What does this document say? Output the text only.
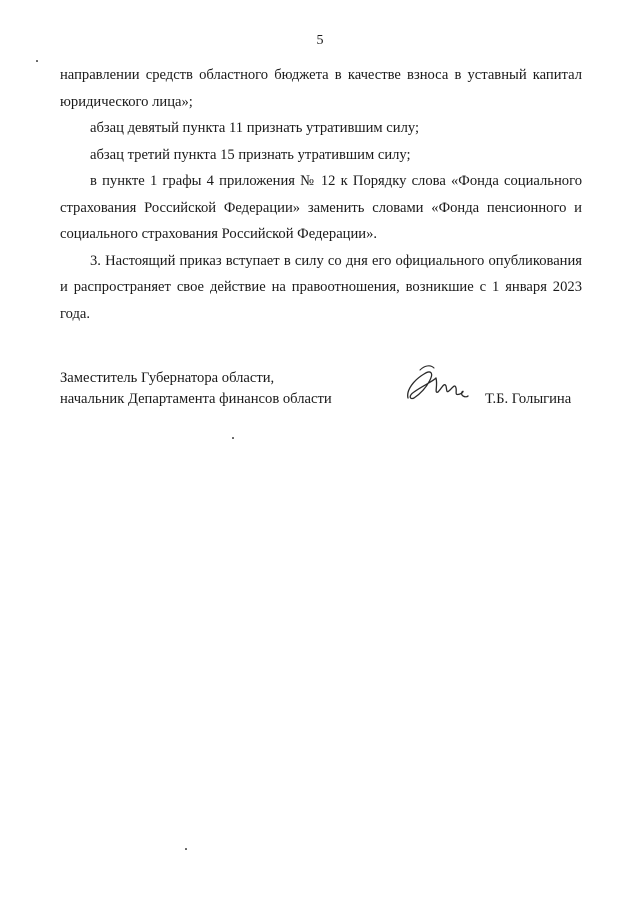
5

направлении средств областного бюджета в качестве взноса в уставный капитал юридического лица»;

абзац девятый пункта 11 признать утратившим силу;

абзац третий пункта 15 признать утратившим силу;

в пункте 1 графы 4 приложения № 12 к Порядку слова «Фонда социального страхования Российской Федерации» заменить словами «Фонда пенсионного и социального страхования Российской Федерации».

3. Настоящий приказ вступает в силу со дня его официального опубликования и распространяет свое действие на правоотношения, возникшие с 1 января 2023 года.

Заместитель Губернатора области,

начальник Департамента финансов области	Т.Б. Голыгина
